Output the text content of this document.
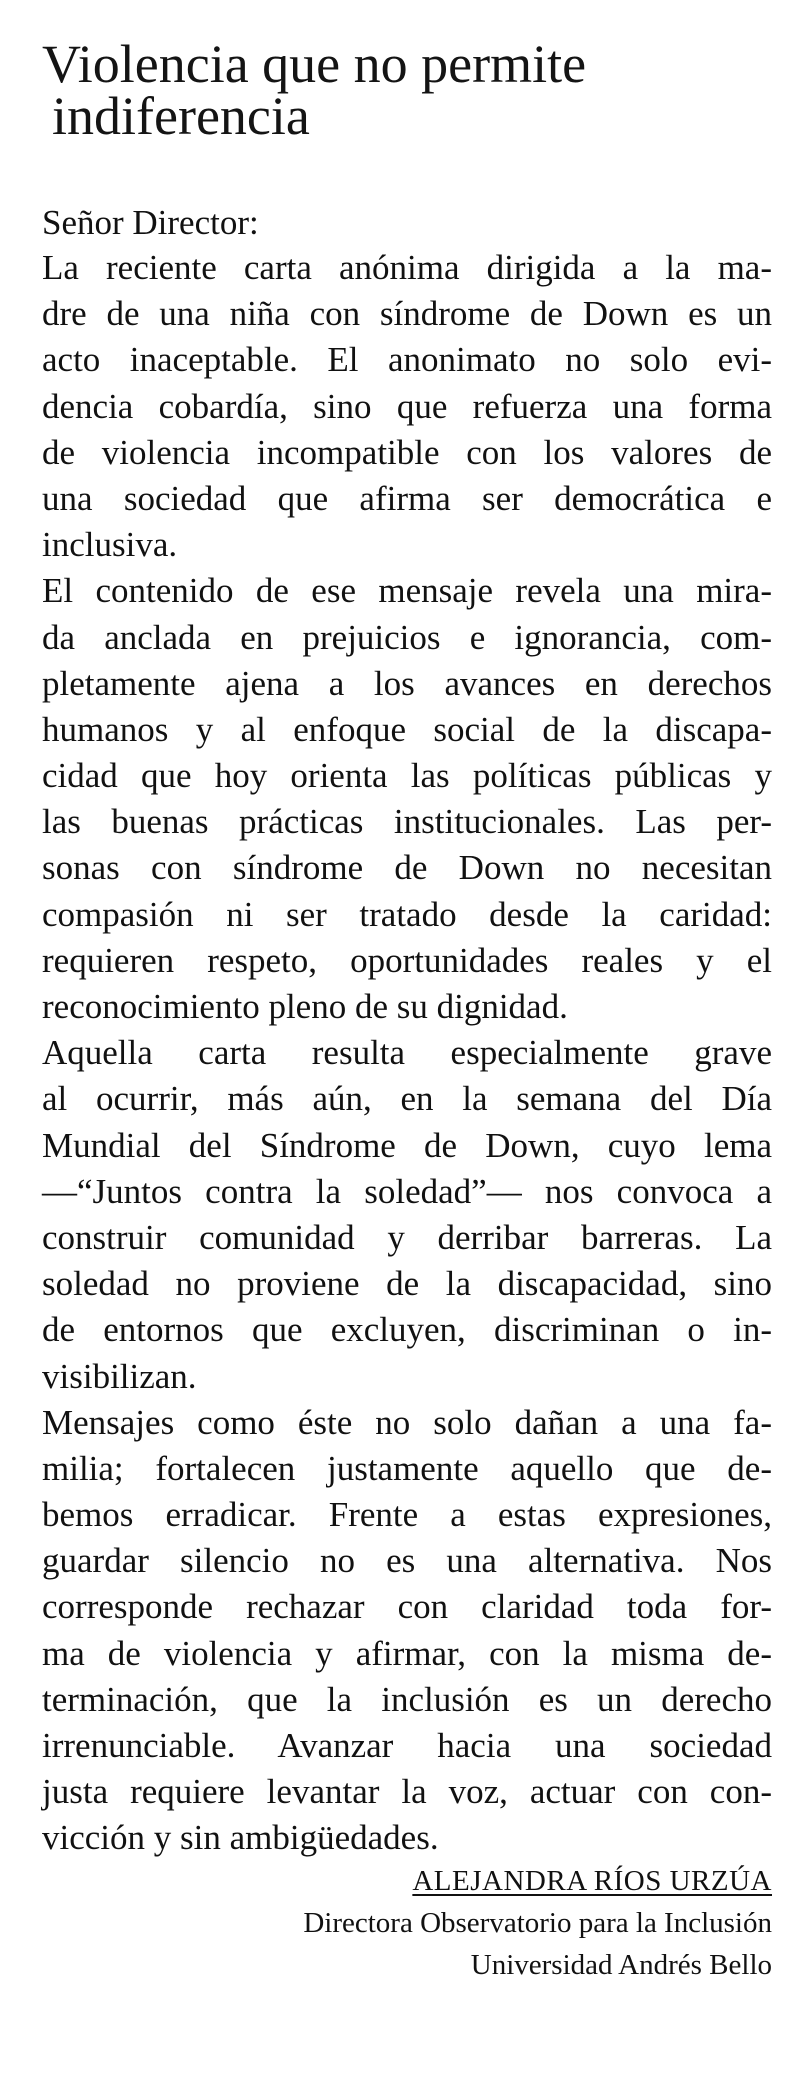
Violencia que no permite
indiferencia
Señor Director:
La reciente carta anónima dirigida a la ma-
dre de una niña con síndrome de Down es un
acto inaceptable. El anonimato no solo evi-
dencia cobardía, sino que refuerza una forma
de violencia incompatible con los valores de
una sociedad que afirma ser democrática e
inclusiva.
El contenido de ese mensaje revela una mira-
da anclada en prejuicios e ignorancia, com-
pletamente ajena a los avances en derechos
humanos y al enfoque social de la discapa-
cidad que hoy orienta las políticas públicas y
las buenas prácticas institucionales. Las per-
sonas con síndrome de Down no necesitan
compasión ni ser tratado desde la caridad:
requieren respeto, oportunidades reales y el
reconocimiento pleno de su dignidad.
Aquella carta resulta especialmente grave
al ocurrir, más aún, en la semana del Día
Mundial del Síndrome de Down, cuyo lema
—“Juntos contra la soledad”— nos convoca a
construir comunidad y derribar barreras. La
soledad no proviene de la discapacidad, sino
de entornos que excluyen, discriminan o in-
visibilizan.
Mensajes como éste no solo dañan a una fa-
milia; fortalecen justamente aquello que de-
bemos erradicar. Frente a estas expresiones,
guardar silencio no es una alternativa. Nos
corresponde rechazar con claridad toda for-
ma de violencia y afirmar, con la misma de-
terminación, que la inclusión es un derecho
irrenunciable. Avanzar hacia una sociedad
justa requiere levantar la voz, actuar con con-
vicción y sin ambigüedades.
ALEJANDRA RÍOS URZÚA
Directora Observatorio para la Inclusión
Universidad Andrés Bello
